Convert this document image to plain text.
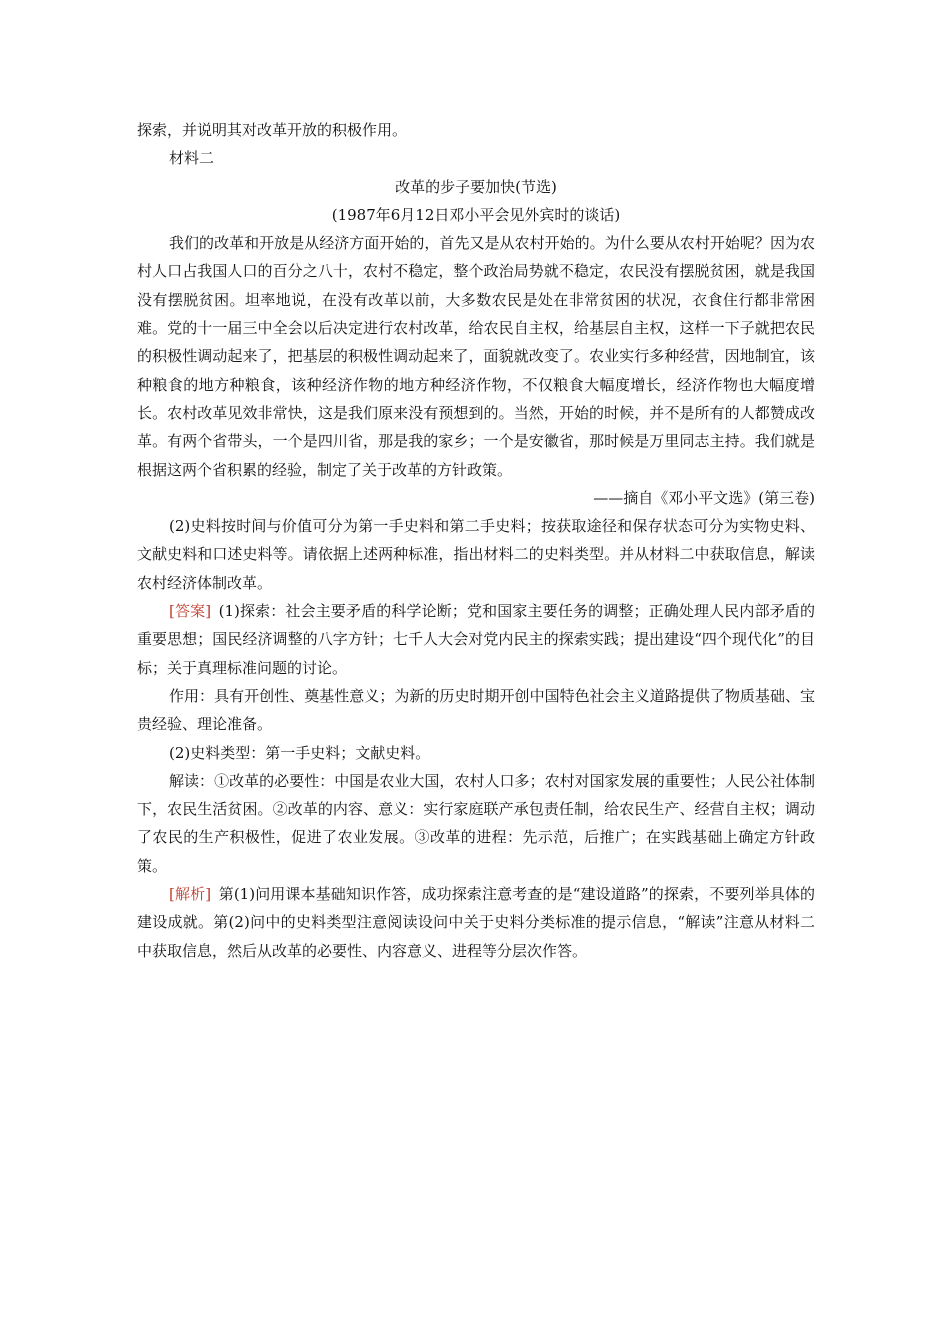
探索，并说明其对改革开放的积极作用。

材料二

改革的步子要加快(节选)

(1987年6月12日邓小平会见外宾时的谈话)

我们的改革和开放是从经济方面开始的，首先又是从农村开始的。为什么要从农村开始呢？因为农村人口占我国人口的百分之八十，农村不稳定，整个政治局势就不稳定，农民没有摆脱贫困，就是我国没有摆脱贫困。坦率地说，在没有改革以前，大多数农民是处在非常贫困的状况，衣食住行都非常困难。党的十一届三中全会以后决定进行农村改革，给农民自主权，给基层自主权，这样一下子就把农民的积极性调动起来了，把基层的积极性调动起来了，面貌就改变了。农业实行多种经营，因地制宜，该种粮食的地方种粮食，该种经济作物的地方种经济作物，不仅粮食大幅度增长，经济作物也大幅度增长。农村改革见效非常快，这是我们原来没有预想到的。当然，开始的时候，并不是所有的人都赞成改革。有两个省带头，一个是四川省，那是我的家乡；一个是安徽省，那时候是万里同志主持。我们就是根据这两个省积累的经验，制定了关于改革的方针政策。

——摘自《邓小平文选》(第三卷)

(2)史料按时间与价值可分为第一手史料和第二手史料；按获取途径和保存状态可分为实物史料、文献史料和口述史料等。请依据上述两种标准，指出材料二的史料类型。并从材料二中获取信息，解读农村经济体制改革。

[答案]  (1)探索：社会主要矛盾的科学论断；党和国家主要任务的调整；正确处理人民内部矛盾的重要思想；国民经济调整的八字方针；七千人大会对党内民主的探索实践；提出建设“四个现代化”的目标；关于真理标准问题的讨论。

作用：具有开创性、奠基性意义；为新的历史时期开创中国特色社会主义道路提供了物质基础、宝贵经验、理论准备。

(2)史料类型：第一手史料；文献史料。

解读：①改革的必要性：中国是农业大国，农村人口多；农村对国家发展的重要性；人民公社体制下，农民生活贫困。②改革的内容、意义：实行家庭联产承包责任制，给农民生产、经营自主权；调动了农民的生产积极性，促进了农业发展。③改革的进程：先示范，后推广；在实践基础上确定方针政策。

[解析]  第(1)问用课本基础知识作答，成功探索注意考查的是“建设道路”的探索，不要列举具体的建设成就。第(2)问中的史料类型注意阅读设问中关于史料分类标准的提示信息，“解读”注意从材料二中获取信息，然后从改革的必要性、内容意义、进程等分层次作答。
